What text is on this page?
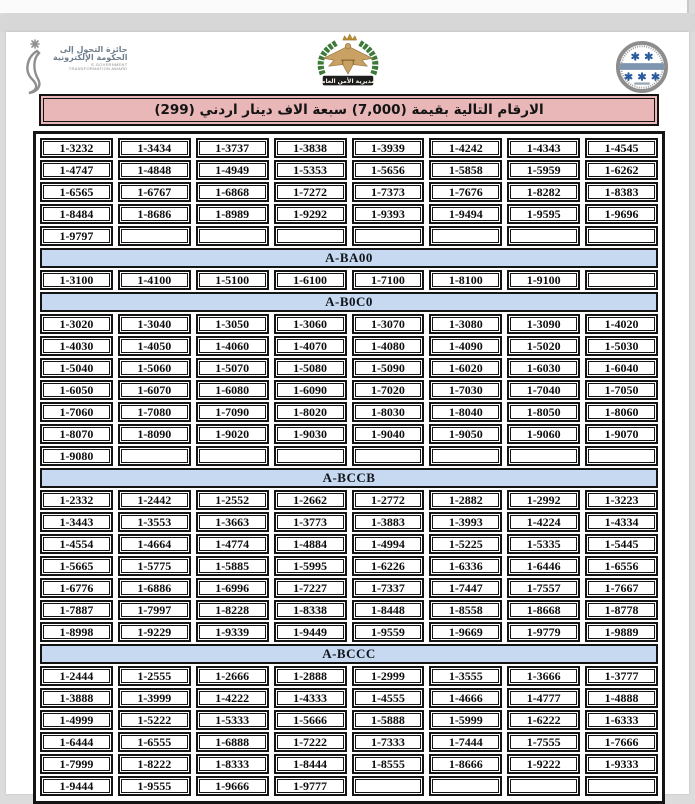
جائزة التحول إلى
الحكومة الإلكترونية
E-GOVERNMENT
TRANSFORMATION AWARD
مديرية الأمن العام
الارقام التالية بقيمة (7,000) سبعة الاف دينار اردني (299)
1-3232	1-3434	1-3737	1-3838	1-3939	1-4242	1-4343	1-4545
1-4747	1-4848	1-4949	1-5353	1-5656	1-5858	1-5959	1-6262
1-6565	1-6767	1-6868	1-7272	1-7373	1-7676	1-8282	1-8383
1-8484	1-8686	1-8989	1-9292	1-9393	1-9494	1-9595	1-9696
1-9797
A-BA00
1-3100	1-4100	1-5100	1-6100	1-7100	1-8100	1-9100
A-B0C0
1-3020	1-3040	1-3050	1-3060	1-3070	1-3080	1-3090	1-4020
1-4030	1-4050	1-4060	1-4070	1-4080	1-4090	1-5020	1-5030
1-5040	1-5060	1-5070	1-5080	1-5090	1-6020	1-6030	1-6040
1-6050	1-6070	1-6080	1-6090	1-7020	1-7030	1-7040	1-7050
1-7060	1-7080	1-7090	1-8020	1-8030	1-8040	1-8050	1-8060
1-8070	1-8090	1-9020	1-9030	1-9040	1-9050	1-9060	1-9070
1-9080
A-BCCB
1-2332	1-2442	1-2552	1-2662	1-2772	1-2882	1-2992	1-3223
1-3443	1-3553	1-3663	1-3773	1-3883	1-3993	1-4224	1-4334
1-4554	1-4664	1-4774	1-4884	1-4994	1-5225	1-5335	1-5445
1-5665	1-5775	1-5885	1-5995	1-6226	1-6336	1-6446	1-6556
1-6776	1-6886	1-6996	1-7227	1-7337	1-7447	1-7557	1-7667
1-7887	1-7997	1-8228	1-8338	1-8448	1-8558	1-8668	1-8778
1-8998	1-9229	1-9339	1-9449	1-9559	1-9669	1-9779	1-9889
A-BCCC
1-2444	1-2555	1-2666	1-2888	1-2999	1-3555	1-3666	1-3777
1-3888	1-3999	1-4222	1-4333	1-4555	1-4666	1-4777	1-4888
1-4999	1-5222	1-5333	1-5666	1-5888	1-5999	1-6222	1-6333
1-6444	1-6555	1-6888	1-7222	1-7333	1-7444	1-7555	1-7666
1-7999	1-8222	1-8333	1-8444	1-8555	1-8666	1-9222	1-9333
1-9444	1-9555	1-9666	1-9777
